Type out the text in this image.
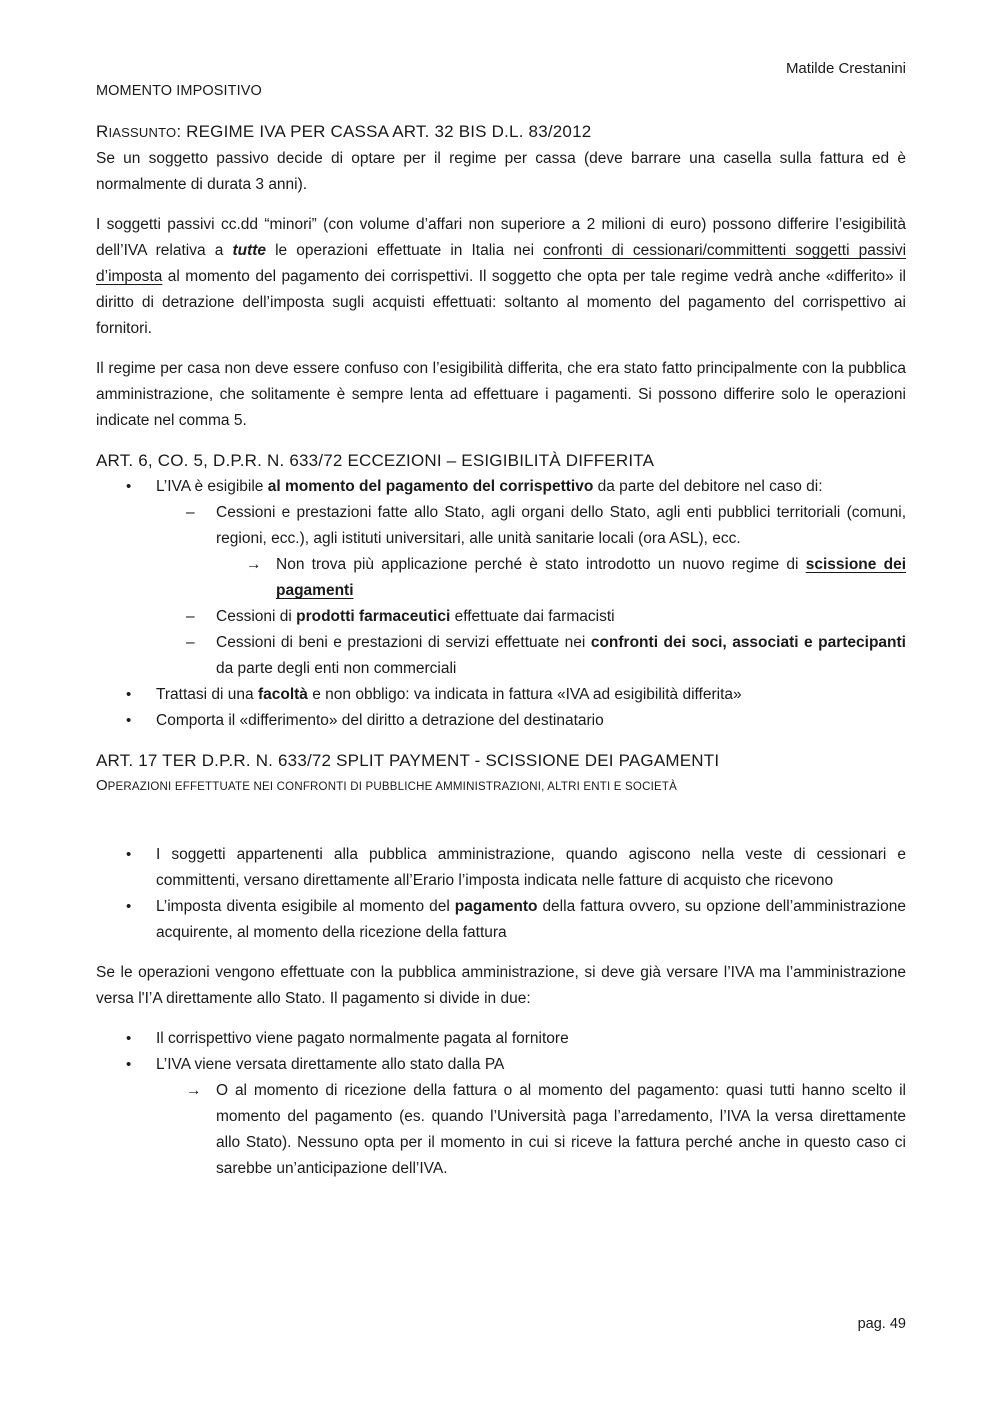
Matilde Crestanini
MOMENTO IMPOSITIVO
RIASSUNTO: REGIME IVA PER CASSA ART. 32 BIS D.L. 83/2012

Se un soggetto passivo decide di optare per il regime per cassa (deve barrare una casella sulla fattura ed è normalmente di durata 3 anni).

I soggetti passivi cc.dd “minori” (con volume d’affari non superiore a 2 milioni di euro) possono differire l’esigibilità dell’IVA relativa a tutte le operazioni effettuate in Italia nei confronti di cessionari/committenti soggetti passivi d’imposta al momento del pagamento dei corrispettivi. Il soggetto che opta per tale regime vedrà anche «differito» il diritto di detrazione dell’imposta sugli acquisti effettuati: soltanto al momento del pagamento del corrispettivo ai fornitori.

Il regime per casa non deve essere confuso con l’esigibilità differita, che era stato fatto principalmente con la pubblica amministrazione, che solitamente è sempre lenta ad effettuare i pagamenti. Si possono differire solo le operazioni indicate nel comma 5.

ART. 6, CO. 5, D.P.R. N. 633/72 ECCEZIONI – ESIGIBILITÀ DIFFERITA
• L’IVA è esigibile al momento del pagamento del corrispettivo da parte del debitore nel caso di:
– Cessioni e prestazioni fatte allo Stato, agli organi dello Stato, agli enti pubblici territoriali (comuni, regioni, ecc.), agli istituti universitari, alle unità sanitarie locali (ora ASL), ecc.
→ Non trova più applicazione perché è stato introdotto un nuovo regime di scissione dei pagamenti
– Cessioni di prodotti farmaceutici effettuate dai farmacisti
– Cessioni di beni e prestazioni di servizi effettuate nei confronti dei soci, associati e partecipanti da parte degli enti non commerciali
• Trattasi di una facoltà e non obbligo: va indicata in fattura «IVA ad esigibilità differita»
• Comporta il «differimento» del diritto a detrazione del destinatario
ART. 17 TER D.P.R. N. 633/72 SPLIT PAYMENT - SCISSIONE DEI PAGAMENTI

OPERAZIONI EFFETTUATE NEI CONFRONTI DI PUBBLICHE AMMINISTRAZIONI, ALTRI ENTI E SOCIETÀ

• I soggetti appartenenti alla pubblica amministrazione, quando agiscono nella veste di cessionari e committenti, versano direttamente all’Erario l’imposta indicata nelle fatture di acquisto che ricevono
• L’imposta diventa esigibile al momento del pagamento della fattura ovvero, su opzione dell’amministrazione acquirente, al momento della ricezione della fattura

Se le operazioni vengono effettuate con la pubblica amministrazione, si deve già versare l’IVA ma l’amministrazione versa l'I’A direttamente allo Stato. Il pagamento si divide in due:

• Il corrispettivo viene pagato normalmente pagata al fornitore
• L’IVA viene versata direttamente allo stato dalla PA
→ O al momento di ricezione della fattura o al momento del pagamento: quasi tutti hanno scelto il momento del pagamento (es. quando l’Università paga l’arredamento, l’IVA la versa direttamente allo Stato). Nessuno opta per il momento in cui si riceve la fattura perché anche in questo caso ci sarebbe un’anticipazione dell’IVA.
pag. 49
